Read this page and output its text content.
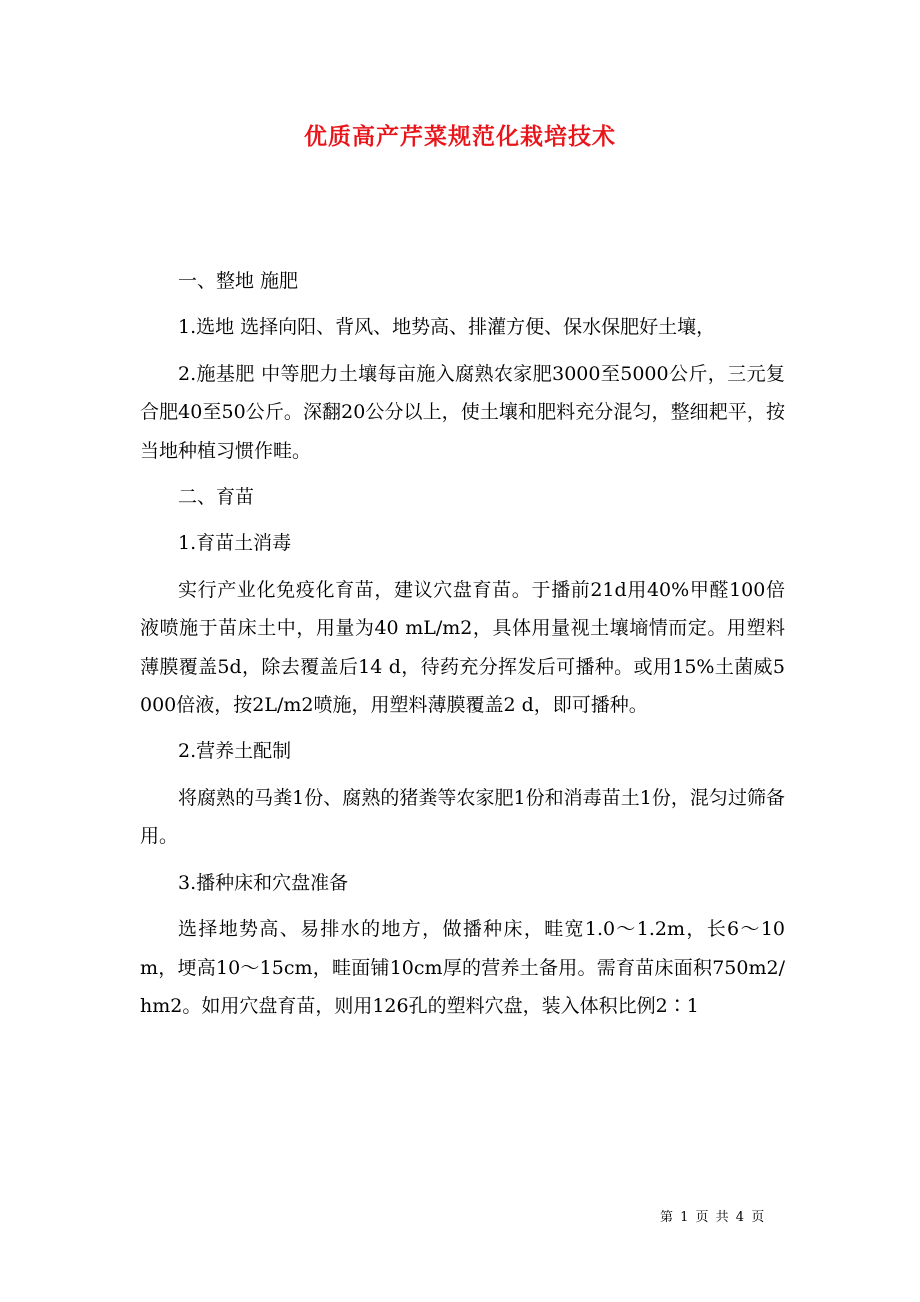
优质高产芹菜规范化栽培技术

一、整地 施肥

1.选地 选择向阳、背风、地势高、排灌方便、保水保肥好土壤，

2.施基肥 中等肥力土壤每亩施入腐熟农家肥3000至5000公斤，三元复合肥40至50公斤。深翻20公分以上，使土壤和肥料充分混匀，整细耙平，按当地种植习惯作畦。

二、育苗

1.育苗土消毒

实行产业化免疫化育苗，建议穴盘育苗。于播前21d用40%甲醛100倍液喷施于苗床土中，用量为40 mL/m2，具体用量视土壤墒情而定。用塑料薄膜覆盖5d，除去覆盖后14 d，待药充分挥发后可播种。或用15%土菌威5 000倍液，按2L/m2喷施，用塑料薄膜覆盖2 d，即可播种。

2.营养土配制

将腐熟的马粪1份、腐熟的猪粪等农家肥1份和消毒苗土1份，混匀过筛备用。

3.播种床和穴盘准备

选择地势高、易排水的地方，做播种床，畦宽1.0～1.2m，长6～10m，埂高10～15cm，畦面铺10cm厚的营养土备用。需育苗床面积750m2/hm2。如用穴盘育苗，则用126孔的塑料穴盘，装入体积比例2∶1

第 1 页 共 4 页
